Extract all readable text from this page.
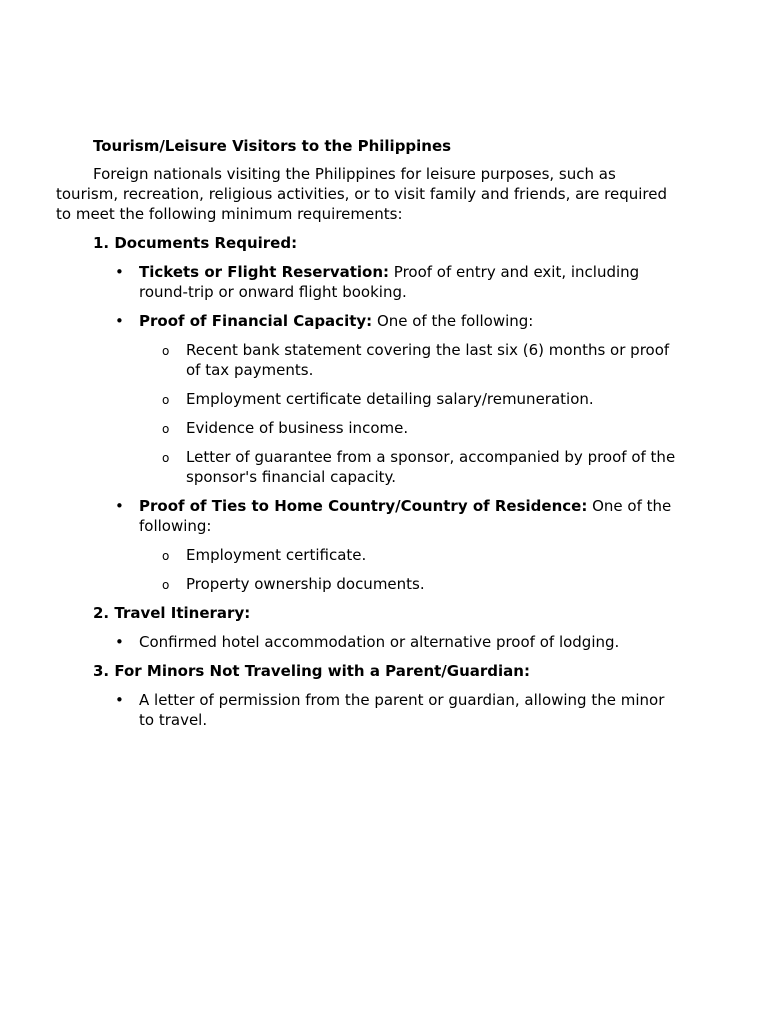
Tourism/Leisure Visitors to the Philippines
Foreign nationals visiting the Philippines for leisure purposes, such as tourism, recreation, religious activities, or to visit family and friends, are required to meet the following minimum requirements:
1. Documents Required:
• Tickets or Flight Reservation: Proof of entry and exit, including round-trip or onward flight booking.
• Proof of Financial Capacity: One of the following:
o Recent bank statement covering the last six (6) months or proof of tax payments.
o Employment certificate detailing salary/remuneration.
o Evidence of business income.
o Letter of guarantee from a sponsor, accompanied by proof of the sponsor's financial capacity.
• Proof of Ties to Home Country/Country of Residence: One of the following:
o Employment certificate.
o Property ownership documents.
2. Travel Itinerary:
• Confirmed hotel accommodation or alternative proof of lodging.
3. For Minors Not Traveling with a Parent/Guardian:
• A letter of permission from the parent or guardian, allowing the minor to travel.
